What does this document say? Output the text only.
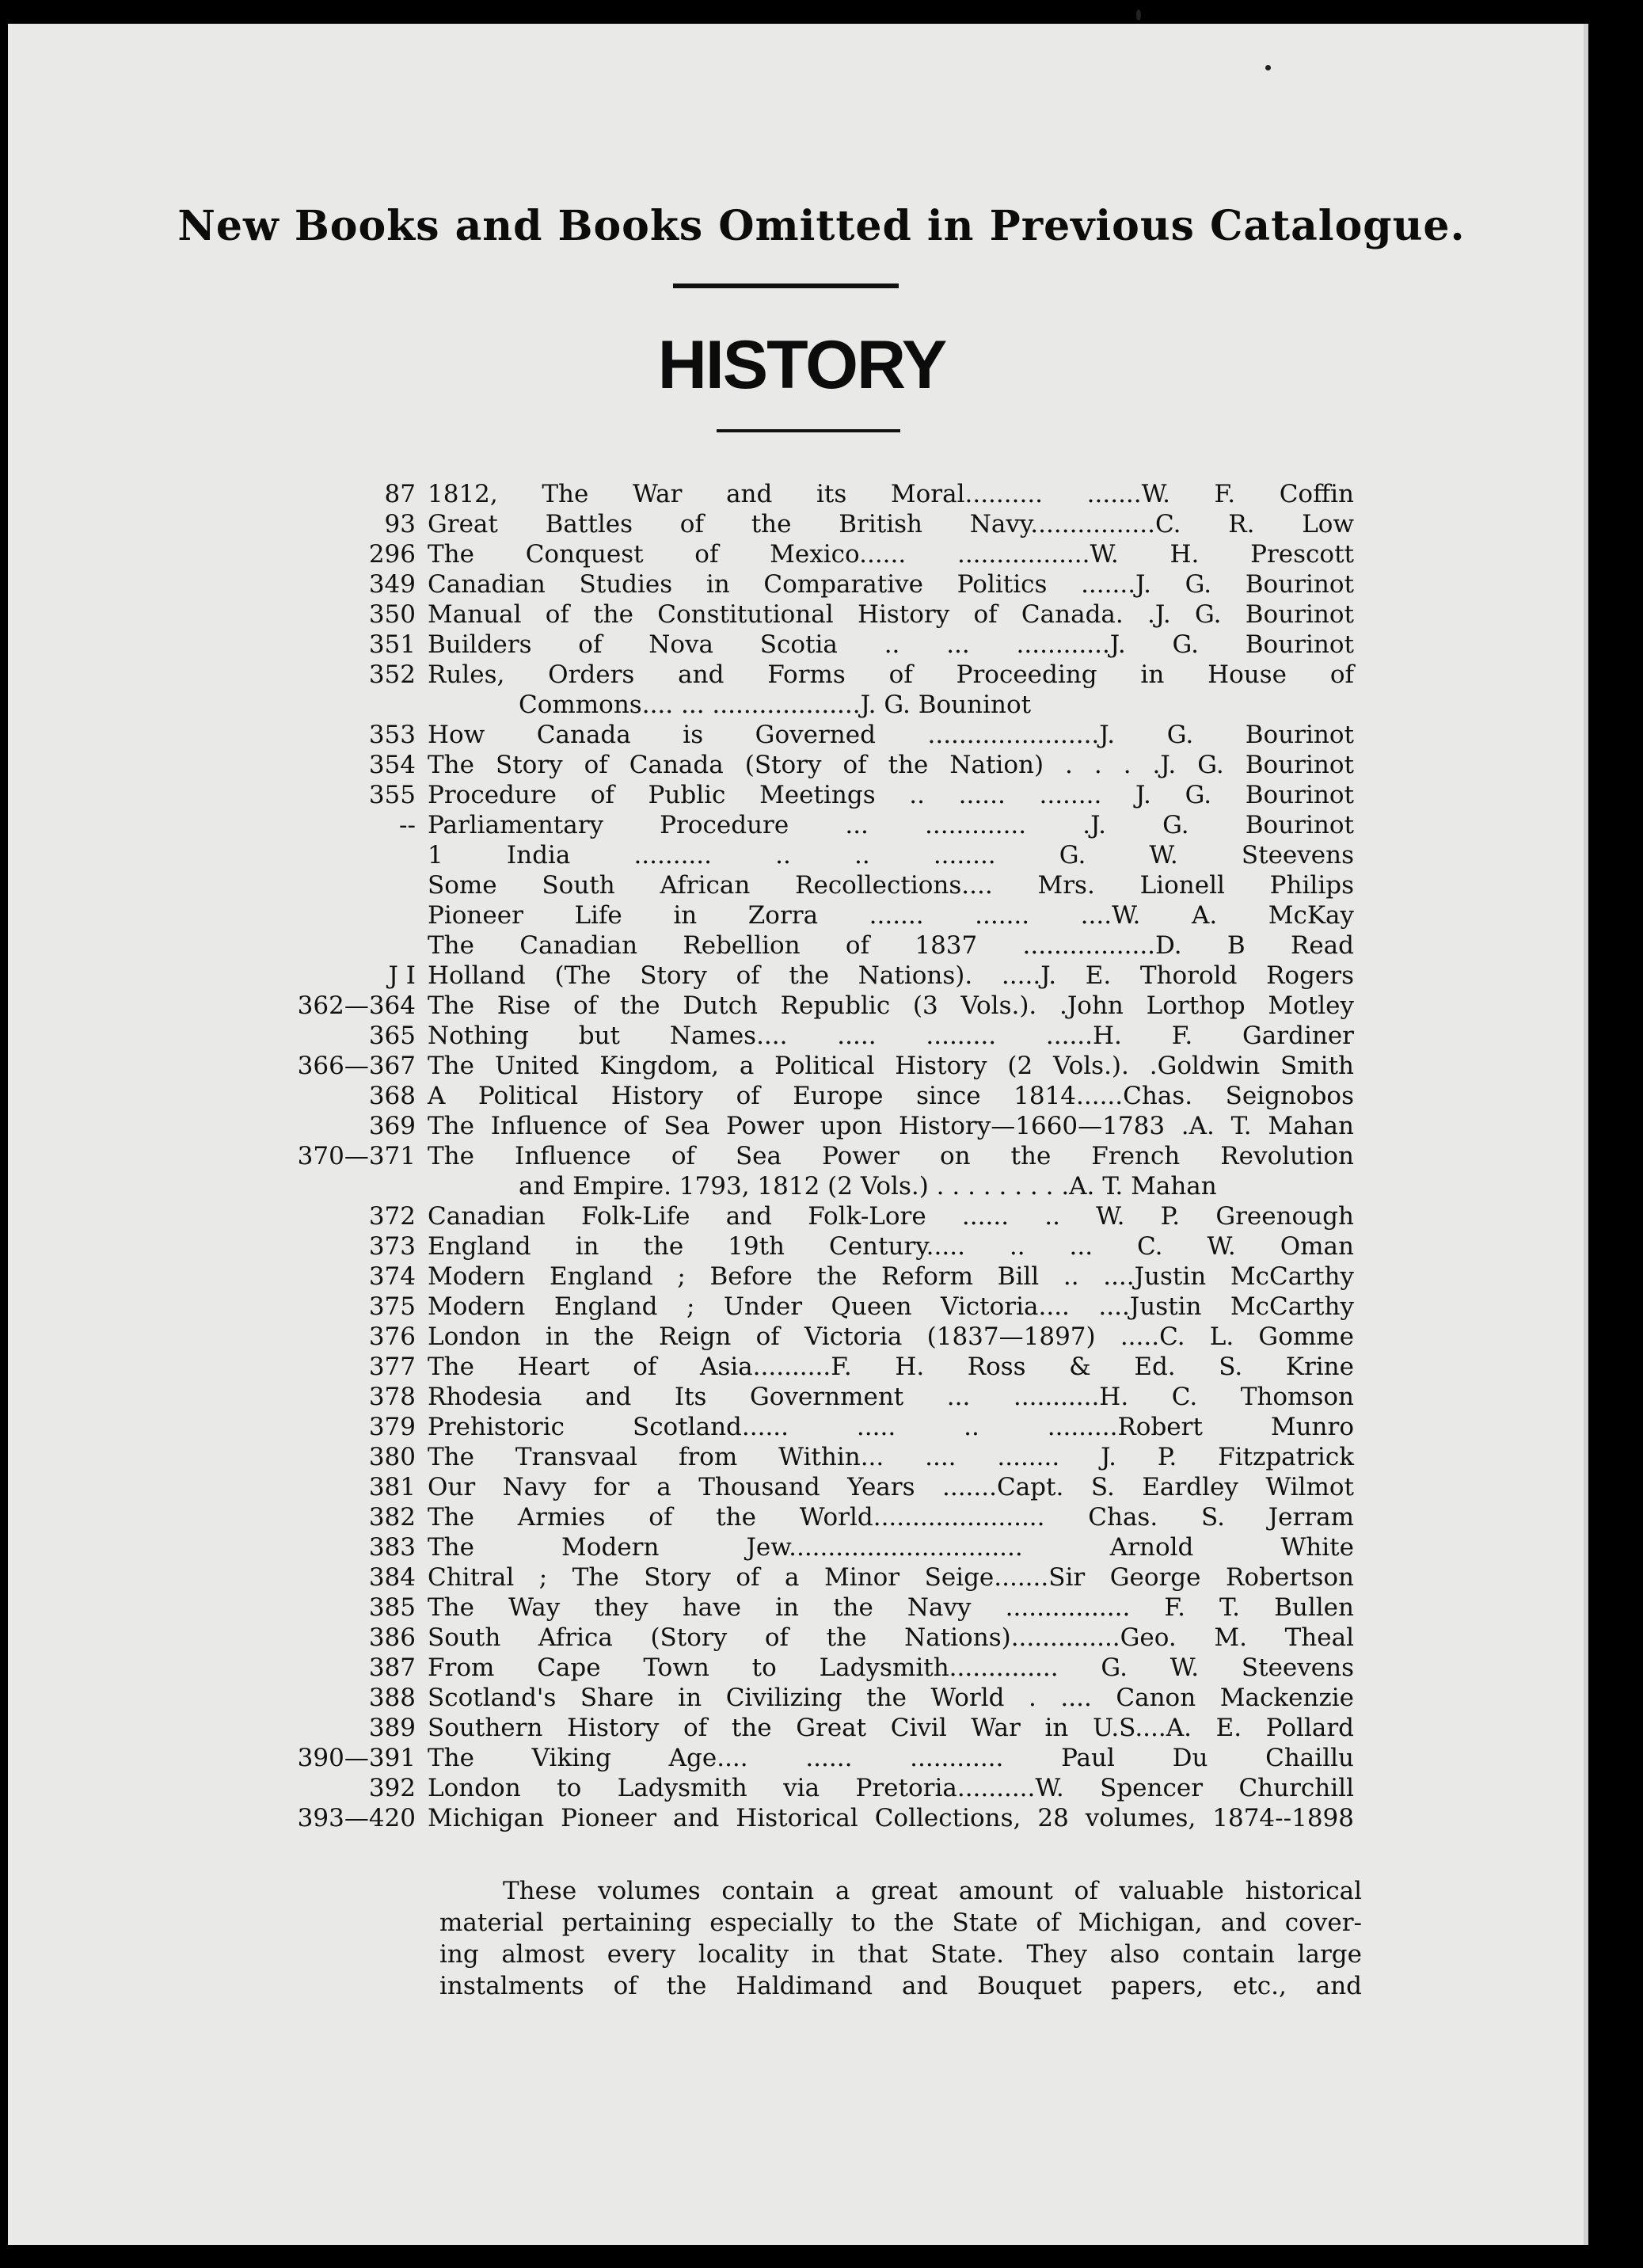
New Books and Books Omitted in Previous Catalogue.
HISTORY
87 1812, The War and its Moral.......... .......W. F. Coffin
93 Great Battles of the British Navy................C. R. Low
296 The Conquest of Mexico...... .................W. H. Prescott
349 Canadian Studies in Comparative Politics .......J. G. Bourinot
350 Manual of the Constitutional History of Canada. .J. G. Bourinot
351 Builders of Nova Scotia .. ... ............J. G. Bourinot
352 Rules, Orders and Forms of Proceeding in House of
Commons.... ... ...................J. G. Bouninot
353 How Canada is Governed ......................J. G. Bourinot
354 The Story of Canada (Story of the Nation) . . . .J. G. Bourinot
355 Procedure of Public Meetings .. ...... ........ J. G. Bourinot
-- Parliamentary Procedure ... ............. .J. G. Bourinot
1 India .......... .. .. ........ G. W. Steevens
Some South African Recollections.... Mrs. Lionell Philips
Pioneer Life in Zorra ....... ....... ....W. A. McKay
The Canadian Rebellion of 1837 .................D. B Read
J I Holland (The Story of the Nations). .....J. E. Thorold Rogers
362—364 The Rise of the Dutch Republic (3 Vols.). .John Lorthop Motley
365 Nothing but Names.... ..... ......... ......H. F. Gardiner
366—367 The United Kingdom, a Political History (2 Vols.). .Goldwin Smith
368 A Political History of Europe since 1814......Chas. Seignobos
369 The Influence of Sea Power upon History—1660—1783 .A. T. Mahan
370—371 The Influence of Sea Power on the French Revolution
and Empire. 1793, 1812 (2 Vols.) . . . . . . . . .A. T. Mahan
372 Canadian Folk-Life and Folk-Lore ...... .. W. P. Greenough
373 England in the 19th Century..... .. ... C. W. Oman
374 Modern England ; Before the Reform Bill .. ....Justin McCarthy
375 Modern England ; Under Queen Victoria.... ....Justin McCarthy
376 London in the Reign of Victoria (1837—1897) .....C. L. Gomme
377 The Heart of Asia..........F. H. Ross & Ed. S. Krine
378 Rhodesia and Its Government ... ...........H. C. Thomson
379 Prehistoric Scotland...... ..... .. .........Robert Munro
380 The Transvaal from Within... .... ........ J. P. Fitzpatrick
381 Our Navy for a Thousand Years .......Capt. S. Eardley Wilmot
382 The Armies of the World...................... Chas. S. Jerram
383 The Modern Jew.............................. Arnold White
384 Chitral ; The Story of a Minor Seige.......Sir George Robertson
385 The Way they have in the Navy ................ F. T. Bullen
386 South Africa (Story of the Nations)..............Geo. M. Theal
387 From Cape Town to Ladysmith.............. G. W. Steevens
388 Scotland's Share in Civilizing the World . .... Canon Mackenzie
389 Southern History of the Great Civil War in U.S....A. E. Pollard
390—391 The Viking Age.... ...... ............ Paul Du Chaillu
392 London to Ladysmith via Pretoria..........W. Spencer Churchill
393—420 Michigan Pioneer and Historical Collections, 28 volumes, 1874--1898
These volumes contain a great amount of valuable historical
material pertaining especially to the State of Michigan, and cover-
ing almost every locality in that State. They also contain large
instalments of the Haldimand and Bouquet papers, etc., and
